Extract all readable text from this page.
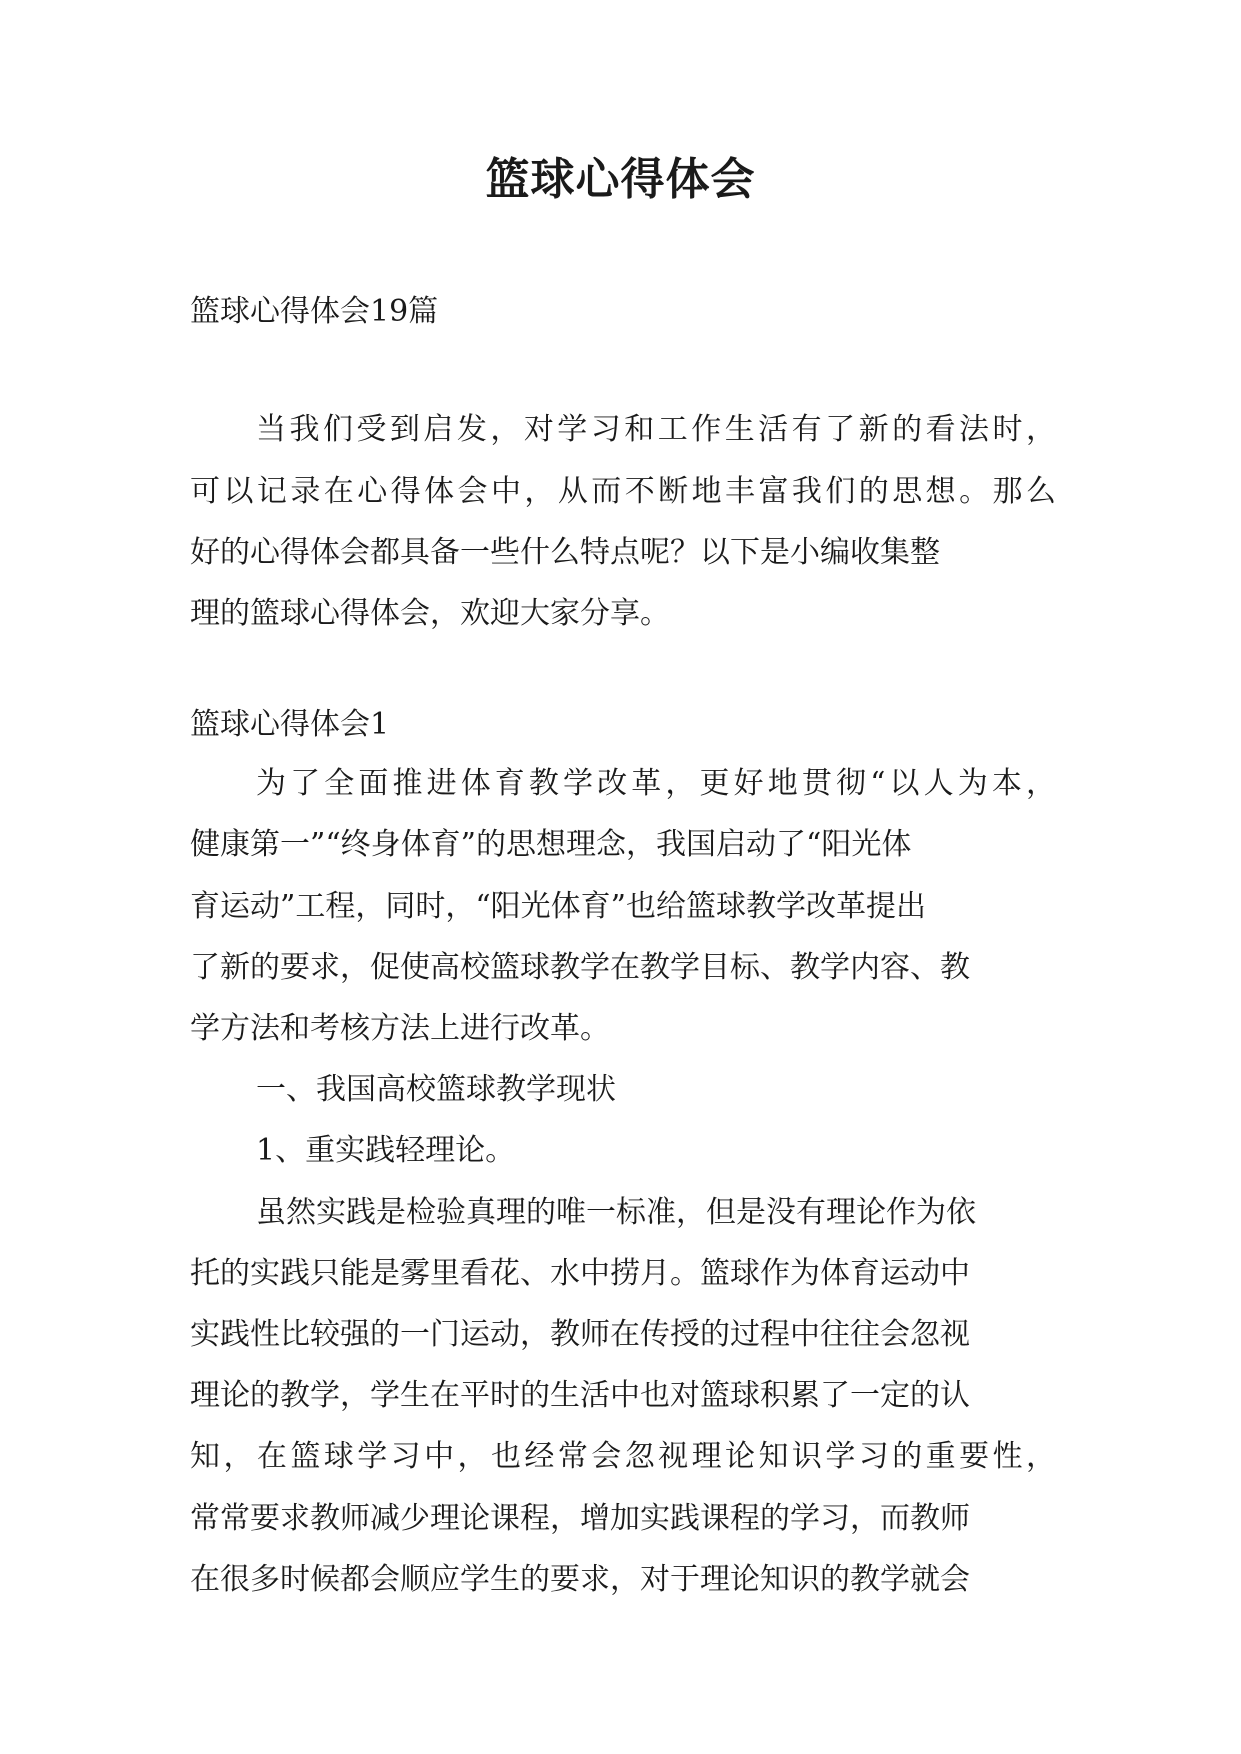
篮球心得体会

篮球心得体会19篇

当我们受到启发，对学习和工作生活有了新的看法时，

可以记录在心得体会中，从而不断地丰富我们的思想。那么

好的心得体会都具备一些什么特点呢？以下是小编收集整

理的篮球心得体会，欢迎大家分享。

篮球心得体会1

为了全面推进体育教学改革，更好地贯彻“以人为本，

健康第一”“终身体育”的思想理念，我国启动了“阳光体

育运动”工程，同时，“阳光体育”也给篮球教学改革提出

了新的要求，促使高校篮球教学在教学目标、教学内容、教

学方法和考核方法上进行改革。

一、我国高校篮球教学现状

1、重实践轻理论。

虽然实践是检验真理的唯一标准，但是没有理论作为依

托的实践只能是雾里看花、水中捞月。篮球作为体育运动中

实践性比较强的一门运动，教师在传授的过程中往往会忽视

理论的教学，学生在平时的生活中也对篮球积累了一定的认

知，在篮球学习中，也经常会忽视理论知识学习的重要性，

常常要求教师减少理论课程，增加实践课程的学习，而教师

在很多时候都会顺应学生的要求，对于理论知识的教学就会
